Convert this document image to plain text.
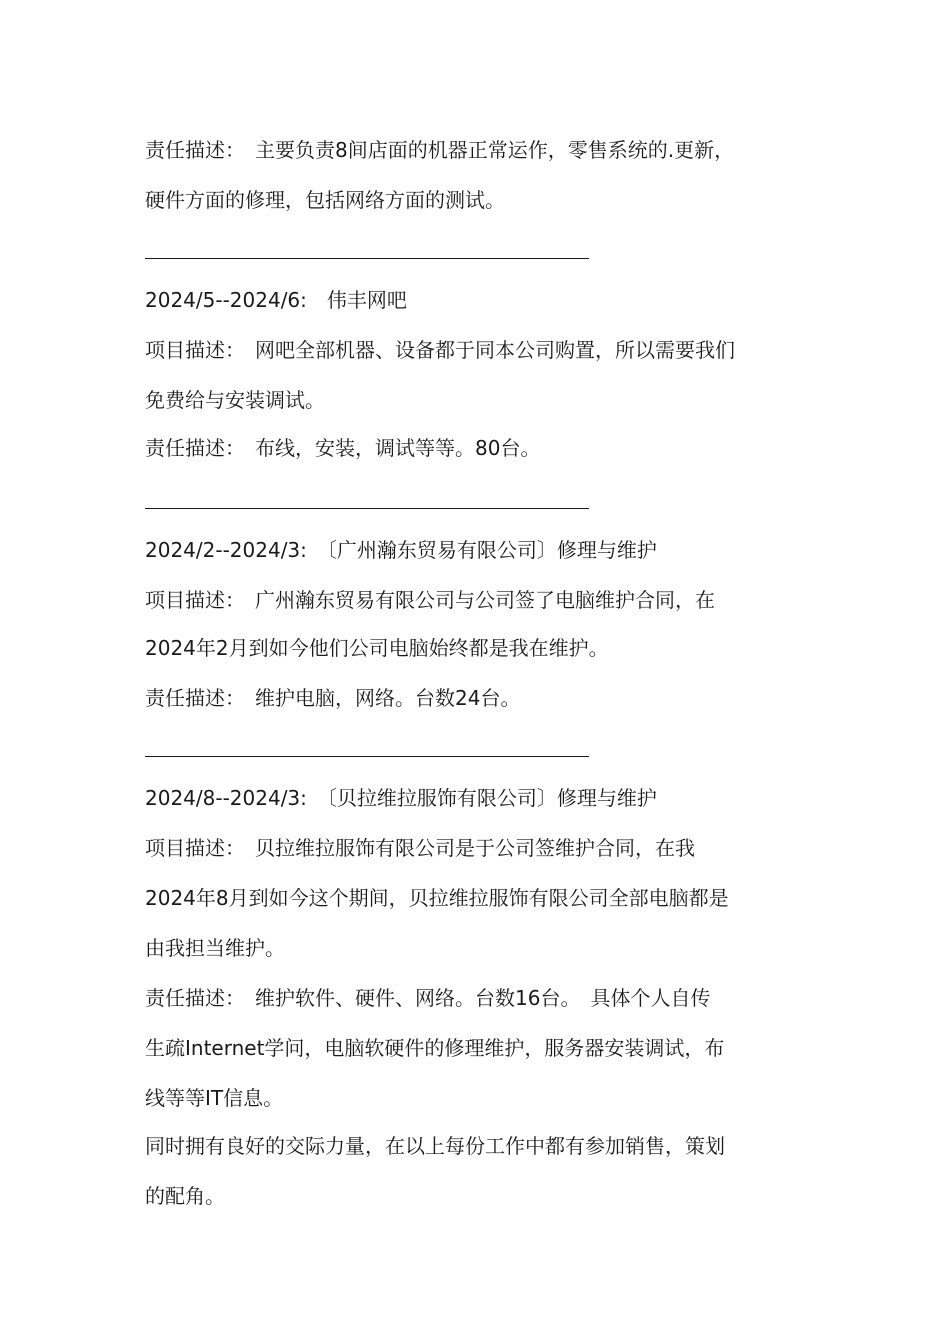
责任描述：　主要负责8间店面的机器正常运作，零售系统的.更新，
硬件方面的修理，包括网络方面的测试。
2024/5--2024/6:　伟丰网吧
项目描述：　网吧全部机器、设备都于同本公司购置，所以需要我们
免费给与安装调试。
责任描述：　布线，安装，调试等等。80台。
2024/2--2024/3:　〔广州瀚东贸易有限公司〕修理与维护
项目描述：　广州瀚东贸易有限公司与公司签了电脑维护合同，在
2024年2月到如今他们公司电脑始终都是我在维护。
责任描述：　维护电脑，网络。台数24台。
2024/8--2024/3:　〔贝拉维拉服饰有限公司〕修理与维护
项目描述：　贝拉维拉服饰有限公司是于公司签维护合同，在我
2024年8月到如今这个期间，贝拉维拉服饰有限公司全部电脑都是
由我担当维护。
责任描述：　维护软件、硬件、网络。台数16台。　具体个人自传
生疏Internet学问，电脑软硬件的修理维护，服务器安装调试，布
线等等IT信息。
同时拥有良好的交际力量，在以上每份工作中都有参加销售，策划
的配角。
